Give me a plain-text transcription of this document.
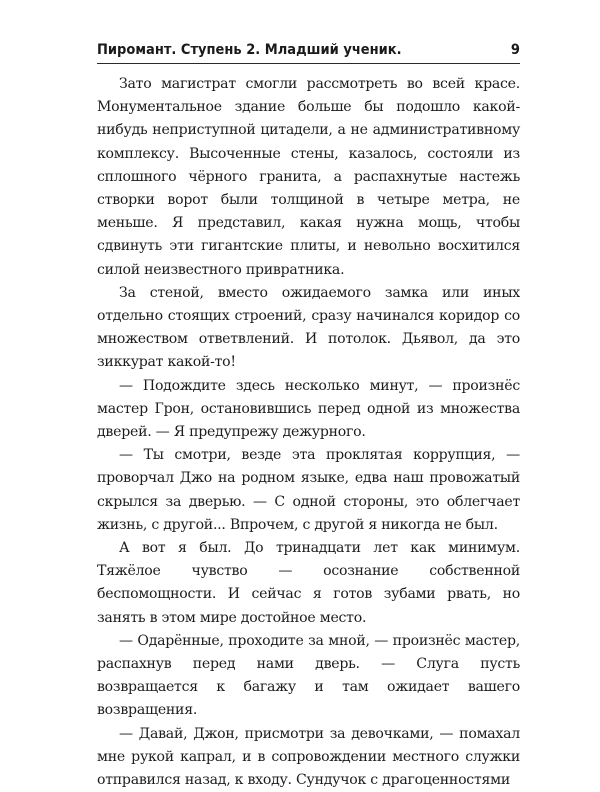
Пиромант. Ступень 2. Младший ученик.	9

Зато магистрат смогли рассмотреть во всей красе. Монументальное здание больше бы подошло какой-нибудь неприступной цитадели, а не административному комплексу. Высоченные стены, казалось, состояли из сплошного чёрного гранита, а распахнутые настежь створки ворот были толщиной в четыре метра, не меньше. Я представил, какая нужна мощь, чтобы сдвинуть эти гигантские плиты, и невольно восхитился силой неизвестного привратника.

За стеной, вместо ожидаемого замка или иных отдельно стоящих строений, сразу начинался коридор со множеством ответвлений. И потолок. Дьявол, да это зиккурат какой-то!

— Подождите здесь несколько минут, — произнёс мастер Грон, остановившись перед одной из множества дверей. — Я предупрежу дежурного.

— Ты смотри, везде эта проклятая коррупция, — проворчал Джо на родном языке, едва наш провожатый скрылся за дверью. — С одной стороны, это облегчает жизнь, с другой... Впрочем, с другой я никогда не был.

А вот я был. До тринадцати лет как минимум. Тяжёлое чувство — осознание собственной беспомощности. И сейчас я готов зубами рвать, но занять в этом мире достойное место.

— Одарённые, проходите за мной, — произнёс мастер, распахнув перед нами дверь. — Слуга пусть возвращается к багажу и там ожидает вашего возвращения.

— Давай, Джон, присмотри за девочками, — помахал мне рукой капрал, и в сопровождении местного служки отправился назад, к входу. Сундучок с драгоценностями
